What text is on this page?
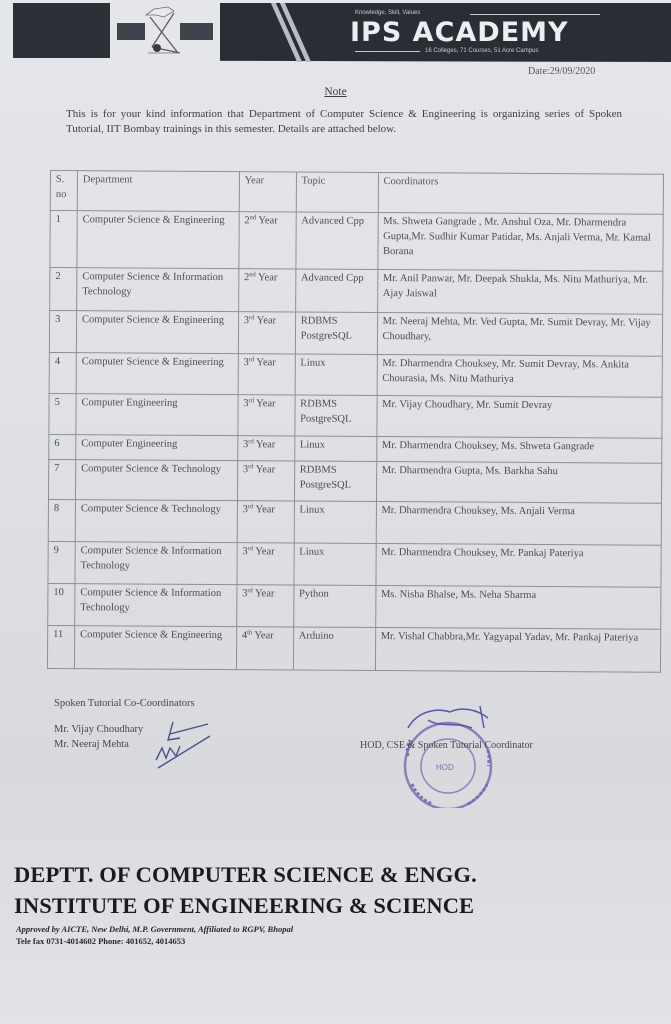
Knowledge, Skill, Values
IPS ACADEMY
16 Colleges, 71 Courses, 51 Acre Campus
Date:29/09/2020
Note
This is for your kind information that Department of Computer Science & Engineering is organizing series of Spoken Tutorial, IIT Bombay trainings in this semester. Details are attached below.
S. no	Department	Year	Topic	Coordinators
1	Computer Science & Engineering	2nd Year	Advanced Cpp	Ms. Shweta Gangrade , Mr. Anshul Oza, Mr. Dharmendra Gupta,Mr. Sudhir Kumar Patidar, Ms. Anjali Verma, Mr. Kamal Borana
2	Computer Science & Information Technology	2nd Year	Advanced Cpp	Mr. Anil Panwar, Mr. Deepak Shukla, Ms. Nitu Mathuriya, Mr. Ajay Jaiswal
3	Computer Science & Engineering	3rd Year	RDBMS PostgreSQL	Mr. Neeraj Mehta, Mr. Ved Gupta, Mr. Sumit Devray, Mr. Vijay Choudhary,
4	Computer Science & Engineering	3rd Year	Linux	Mr. Dharmendra Chouksey, Mr. Sumit Devray, Ms. Ankita Chourasia, Ms. Nitu Mathuriya
5	Computer Engineering	3rd Year	RDBMS PostgreSQL	Mr. Vijay Choudhary, Mr. Sumit Devray
6	Computer Engineering	3rd Year	Linux	Mr. Dharmendra Chouksey, Ms. Shweta Gangrade
7	Computer Science & Technology	3rd Year	RDBMS PostgreSQL	Mr. Dharmendra Gupta, Ms. Barkha Sahu
8	Computer Science & Technology	3rd Year	Linux	Mr. Dharmendra Chouksey, Ms. Anjali Verma
9	Computer Science & Information Technology	3rd Year	Linux	Mr. Dharmendra Chouksey, Mr. Pankaj Pateriya
10	Computer Science & Information Technology	3rd Year	Python	Ms. Nisha Bhalse, Ms. Neha Sharma
11	Computer Science & Engineering	4th Year	Arduino	Mr. Vishal Chabbra,Mr. Yagyapal Yadav, Mr. Pankaj Pateriya
Spoken Tutorial Co-Coordinators
Mr. Vijay Choudhary
Mr. Neeraj Mehta
HOD
HOD, CSE & Spoken Tutorial Coordinator
DEPTT. OF COMPUTER SCIENCE & ENGG.
INSTITUTE OF ENGINEERING & SCIENCE
Approved by AICTE, New Delhi, M.P. Government, Affiliated to RGPV, Bhopal
Tele fax 0731-4014602 Phone: 401652, 4014653
